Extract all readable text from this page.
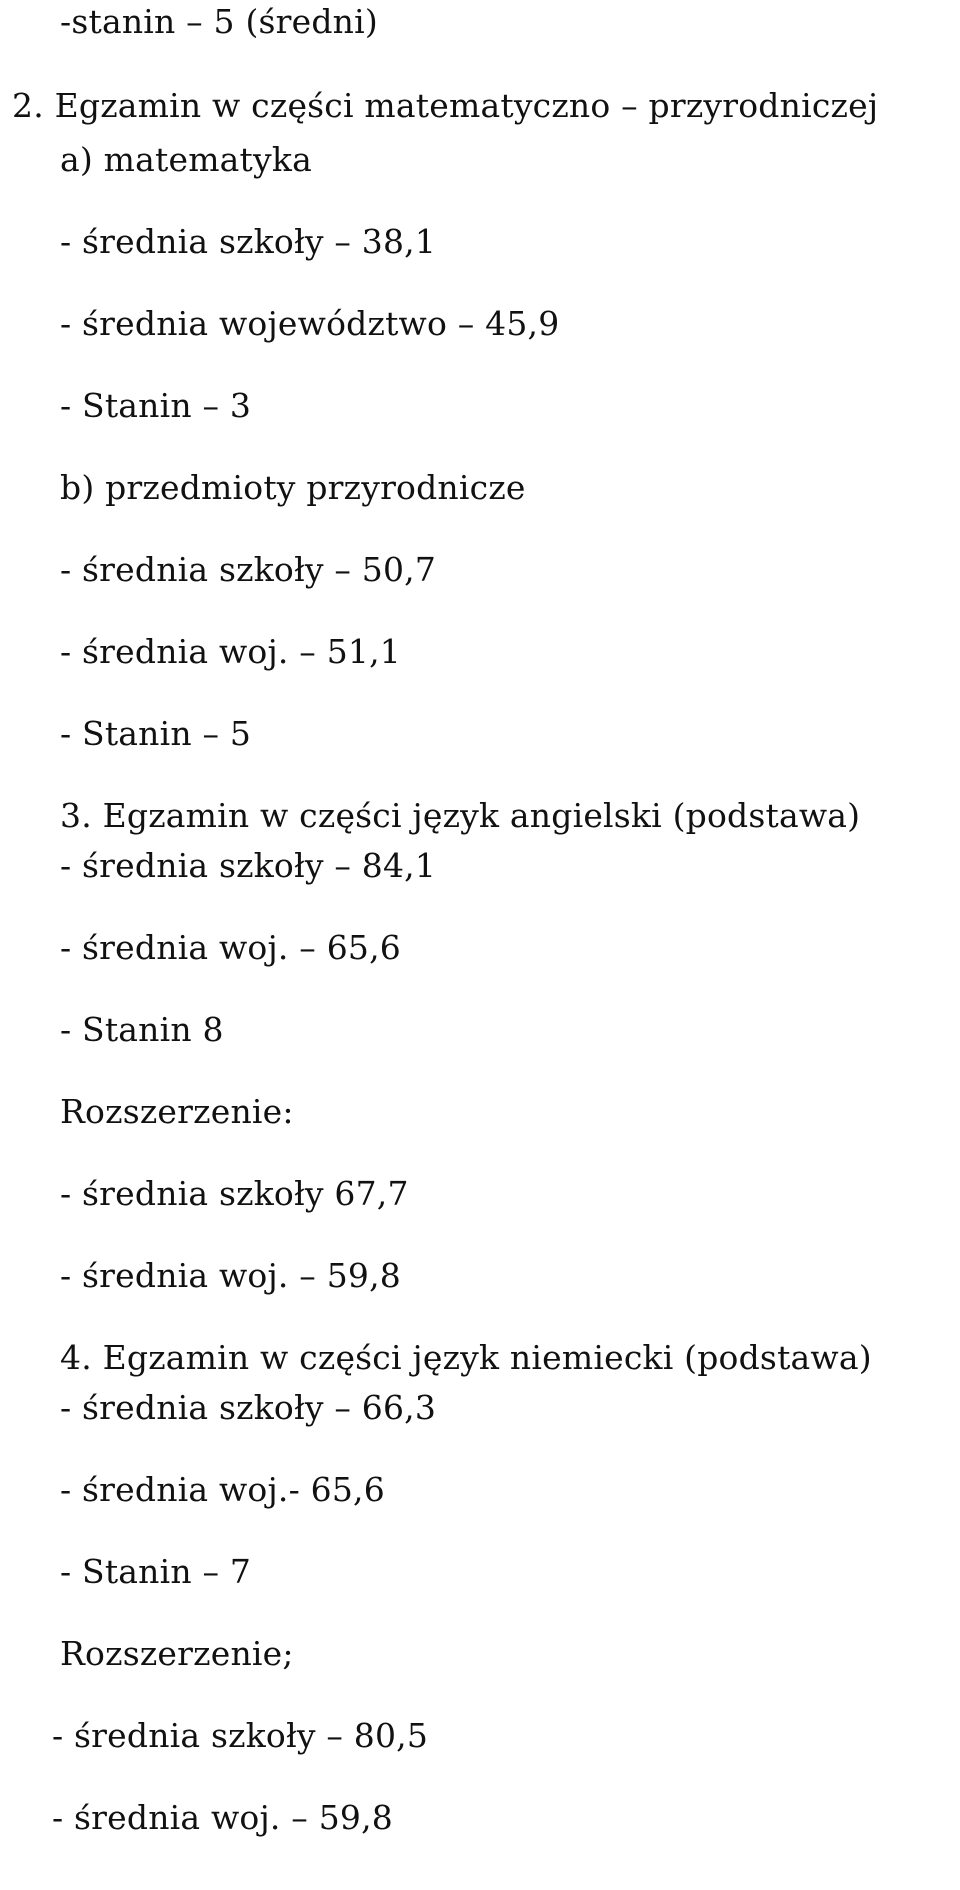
-stanin – 5 (średni)
2. Egzamin w części matematyczno – przyrodniczej
a) matematyka
- średnia szkoły – 38,1
- średnia województwo – 45,9
- Stanin – 3
b) przedmioty przyrodnicze
- średnia szkoły – 50,7
- średnia woj. – 51,1
- Stanin – 5
3. Egzamin w części język angielski (podstawa)
- średnia szkoły – 84,1
- średnia woj. – 65,6
- Stanin 8
Rozszerzenie:
- średnia szkoły 67,7
- średnia woj. – 59,8
4. Egzamin w części język niemiecki (podstawa)
- średnia szkoły – 66,3
- średnia woj.- 65,6
- Stanin – 7
Rozszerzenie;
- średnia szkoły – 80,5
- średnia woj. – 59,8
